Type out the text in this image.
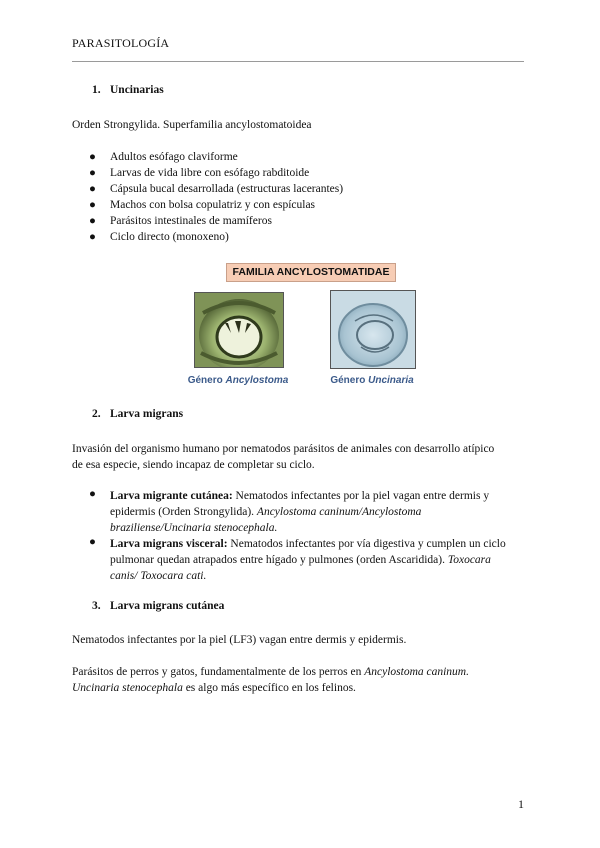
PARASITOLOGÍA
1. Uncinarias

Orden Strongylida. Superfamilia ancylostomatoidea

● Adultos esófago claviforme
● Larvas de vida libre con esófago rabditoide
● Cápsula bucal desarrollada (estructuras lacerantes)
● Machos con bolsa copulatriz y con espículas
● Parásitos intestinales de mamíferos
● Ciclo directo (monoxeno)
FAMILIA ANCYLOSTOMATIDAE
Género Ancylostoma	Género Uncinaria
2. Larva migrans

Invasión del organismo humano por nematodos parásitos de animales con desarrollo atípico

de esa especie, siendo incapaz de completar su ciclo.

● Larva migrante cutánea: Nematodos infectantes por la piel vagan entre dermis y

epidermis (Orden Strongylida). Ancylostoma caninum/Ancylostoma

braziliense/Uncinaria stenocephala.

● Larva migrans visceral: Nematodos infectantes por vía digestiva y cumplen un ciclo

pulmonar quedan atrapados entre hígado y pulmones (orden Ascaridida). Toxocara

canis/ Toxocara cati.

3. Larva migrans cutánea

Nematodos infectantes por la piel (LF3) vagan entre dermis y epidermis.

Parásitos de perros y gatos, fundamentalmente de los perros en Ancylostoma caninum.

Uncinaria stenocephala es algo más específico en los felinos.

1
